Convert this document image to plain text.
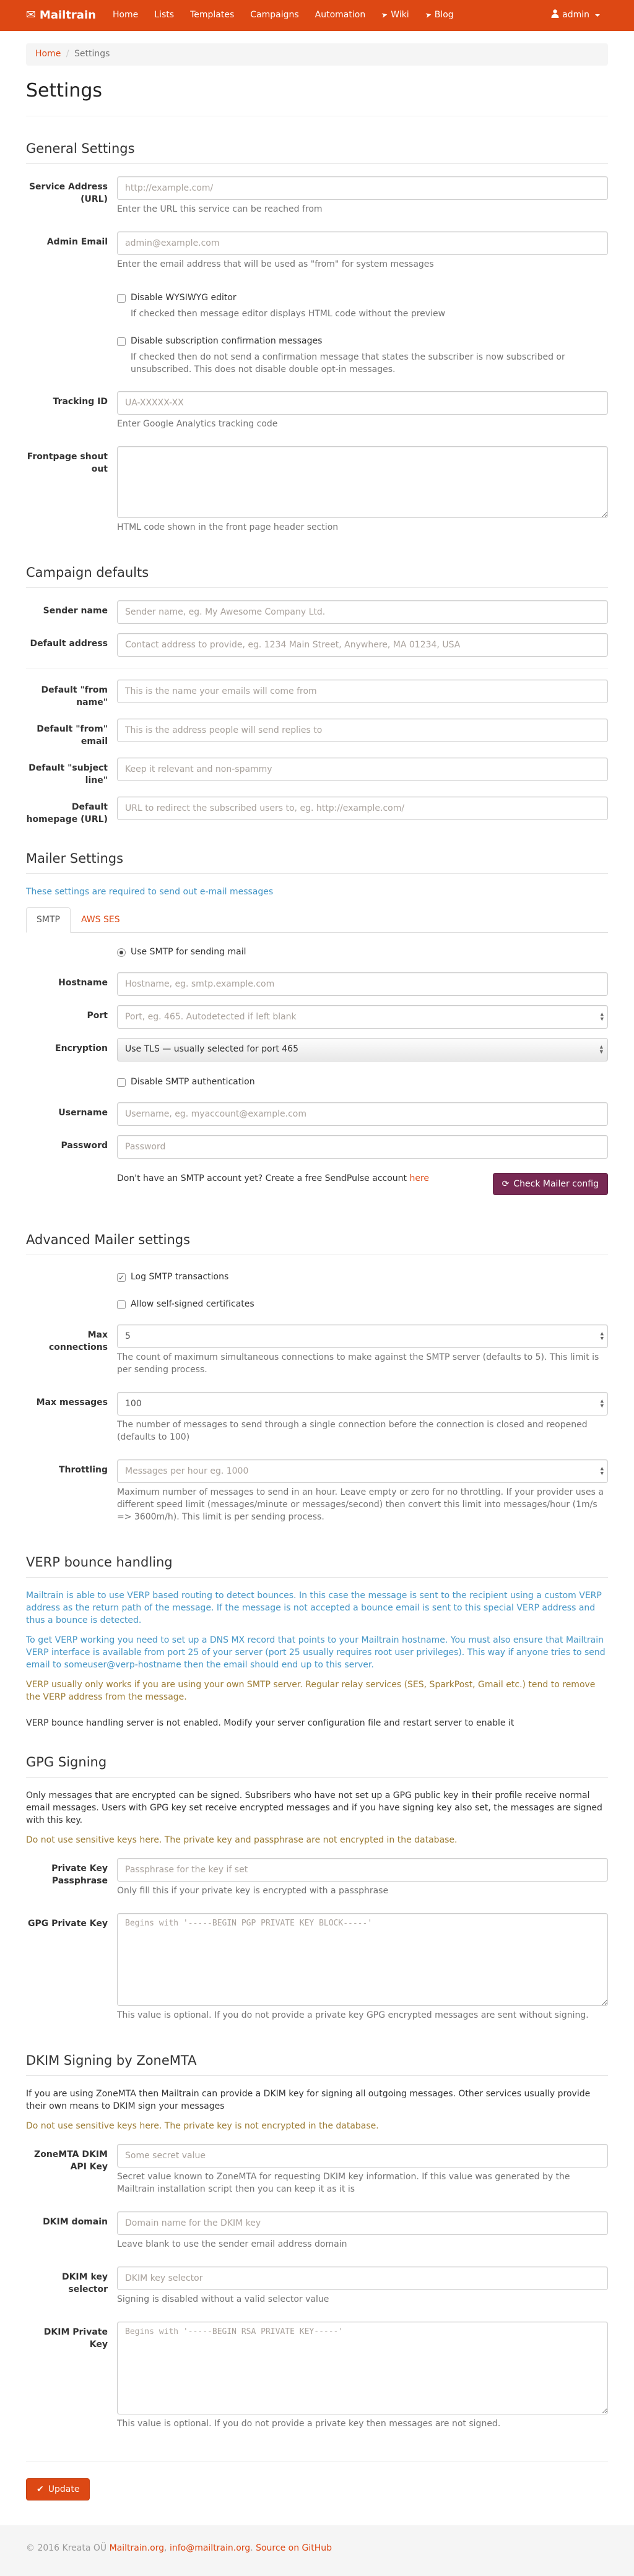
✉ Mailtrain Home Lists Templates Campaigns Automation ➤ Wiki ➤ Blog	admin
Home / Settings
Settings
General Settings
Service Address (URL)
http://example.com/
Enter the URL this service can be reached from
Admin Email
admin@example.com
Enter the email address that will be used as "from" for system messages
Disable WYSIWYG editor
If checked then message editor displays HTML code without the preview
Disable subscription confirmation messages
If checked then do not send a confirmation message that states the subscriber is now subscribed or unsubscribed. This does not disable double opt-in messages.
Tracking ID
UA-XXXXX-XX
Enter Google Analytics tracking code
Frontpage shout out
HTML code shown in the front page header section
Campaign defaults
Sender name
Sender name, eg. My Awesome Company Ltd.
Default address
Contact address to provide, eg. 1234 Main Street, Anywhere, MA 01234, USA
Default "from name"
This is the name your emails will come from
Default "from" email
This is the address people will send replies to
Default "subject line"
Keep it relevant and non-spammy
Default homepage (URL)
URL to redirect the subscribed users to, eg. http://example.com/
Mailer Settings
These settings are required to send out e-mail messages
SMTP	AWS SES
Use SMTP for sending mail
Hostname
Hostname, eg. smtp.example.com
Port
Port, eg. 465. Autodetected if left blank	▲
▼
Encryption	Use TLS — usually selected for port 465	▲
▼
Disable SMTP authentication
Username
Username, eg. myaccount@example.com
Password
Don't have an SMTP account yet? Create a free SendPulse account here
⟳ Check Mailer config
Advanced Mailer settings
✓
Log SMTP transactions
Allow self-signed certificates
Max connections
5
▲
▼
The count of maximum simultaneous connections to make against the SMTP server (defaults to 5). This limit is per sending process.
Max messages
100	▲
▼
The number of messages to send through a single connection before the connection is closed and reopened (defaults to 100)
Throttling
Messages per hour eg. 1000	▲
▼
Maximum number of messages to send in an hour. Leave empty or zero for no throttling. If your provider uses a different speed limit (messages/minute or messages/second) then convert this limit into messages/hour (1m/s => 3600m/h). This limit is per sending process.
VERP bounce handling

Mailtrain is able to use VERP based routing to detect bounces. In this case the message is sent to the recipient using a custom VERP address as the return path of the message. If the message is not accepted a bounce email is sent to this special VERP address and thus a bounce is detected.

To get VERP working you need to set up a DNS MX record that points to your Mailtrain hostname. You must also ensure that Mailtrain VERP interface is available from port 25 of your server (port 25 usually requires root user privileges). This way if anyone tries to send email to someuser@verp-hostname then the email should end up to this server.

VERP usually only works if you are using your own SMTP server. Regular relay services (SES, SparkPost, Gmail etc.) tend to remove the VERP address from the message.

VERP bounce handling server is not enabled. Modify your server configuration file and restart server to enable it

GPG Signing

Only messages that are encrypted can be signed. Subsribers who have not set up a GPG public key in their profile receive normal email messages. Users with GPG key set receive encrypted messages and if you have signing key also set, the messages are signed with this key.

Do not use sensitive keys here. The private key and passphrase are not encrypted in the database.

Private Key Passphrase
Passphrase for the key if set
Only fill this if your private key is encrypted with a passphrase
GPG Private Key
Begins with '-----BEGIN PGP PRIVATE KEY BLOCK-----'
This value is optional. If you do not provide a private key GPG encrypted messages are sent without signing.
DKIM Signing by ZoneMTA

If you are using ZoneMTA then Mailtrain can provide a DKIM key for signing all outgoing messages. Other services usually provide their own means to DKIM sign your messages

Do not use sensitive keys here. The private key is not encrypted in the database.

ZoneMTA DKIM API Key
Some secret value
Secret value known to ZoneMTA for requesting DKIM key information. If this value was generated by the Mailtrain installation script then you can keep it as it is
DKIM domain
Domain name for the DKIM key
Leave blank to use the sender email address domain
DKIM key selector
DKIM key selector
Signing is disabled without a valid selector value
DKIM Private Key
Begins with '-----BEGIN RSA PRIVATE KEY-----'
This value is optional. If you do not provide a private key then messages are not signed.
✔ Update
© 2016 Kreata OÜ Mailtrain.org, info@mailtrain.org. Source on GitHub
